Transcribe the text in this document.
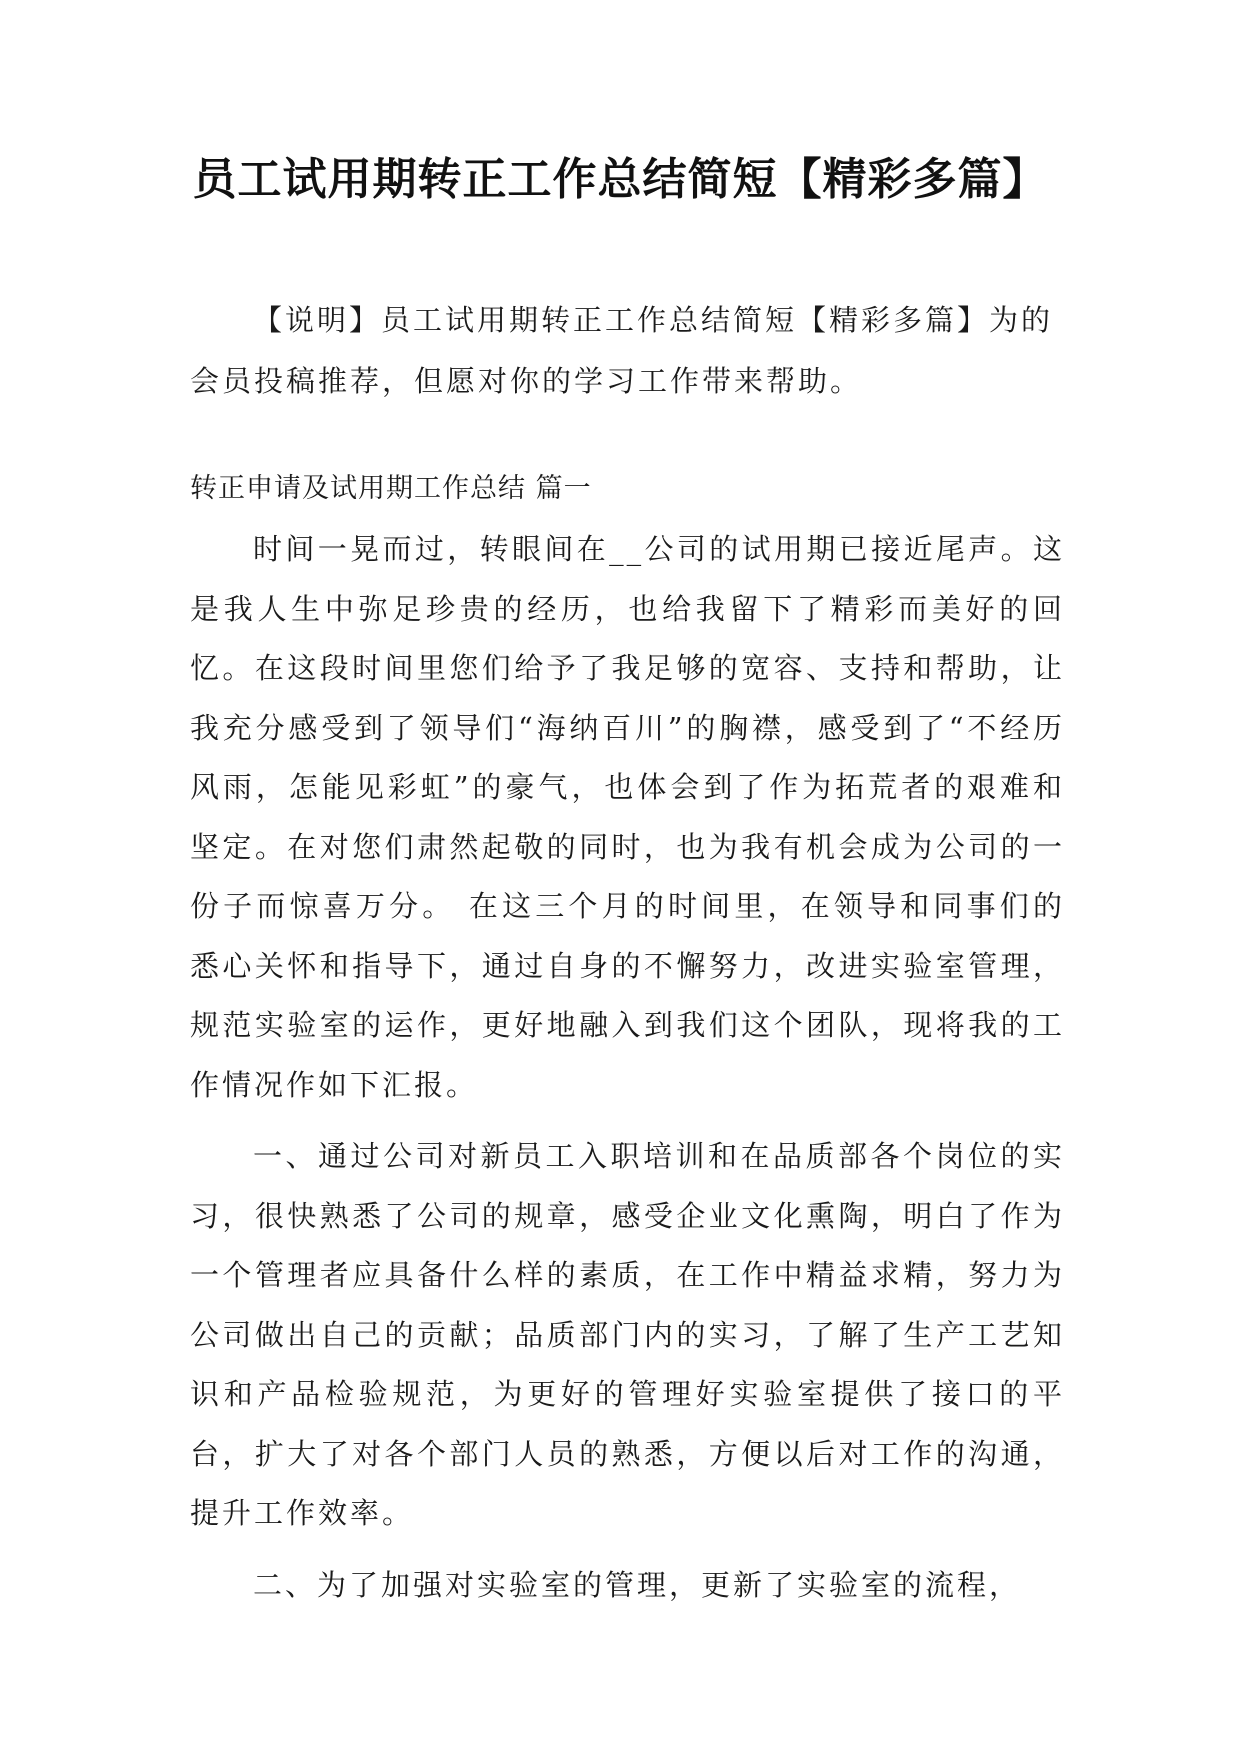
员工试用期转正工作总结简短【精彩多篇】

【说明】员工试用期转正工作总结简短【精彩多篇】为的会员投稿推荐，但愿对你的学习工作带来帮助。

转正申请及试用期工作总结 篇一

时间一晃而过，转眼间在__公司的试用期已接近尾声。这是我人生中弥足珍贵的经历，也给我留下了精彩而美好的回忆。在这段时间里您们给予了我足够的宽容、支持和帮助，让我充分感受到了领导们“海纳百川”的胸襟，感受到了“不经历风雨，怎能见彩虹”的豪气，也体会到了作为拓荒者的艰难和坚定。在对您们肃然起敬的同时，也为我有机会成为公司的一份子而惊喜万分。 在这三个月的时间里，在领导和同事们的悉心关怀和指导下，通过自身的不懈努力，改进实验室管理，规范实验室的运作，更好地融入到我们这个团队，现将我的工作情况作如下汇报。

一、通过公司对新员工入职培训和在品质部各个岗位的实习，很快熟悉了公司的规章，感受企业文化熏陶，明白了作为一个管理者应具备什么样的素质，在工作中精益求精，努力为公司做出自己的贡献；品质部门内的实习，了解了生产工艺知识和产品检验规范，为更好的管理好实验室提供了接口的平台，扩大了对各个部门人员的熟悉，方便以后对工作的沟通，提升工作效率。

二、为了加强对实验室的管理，更新了实验室的流程，
